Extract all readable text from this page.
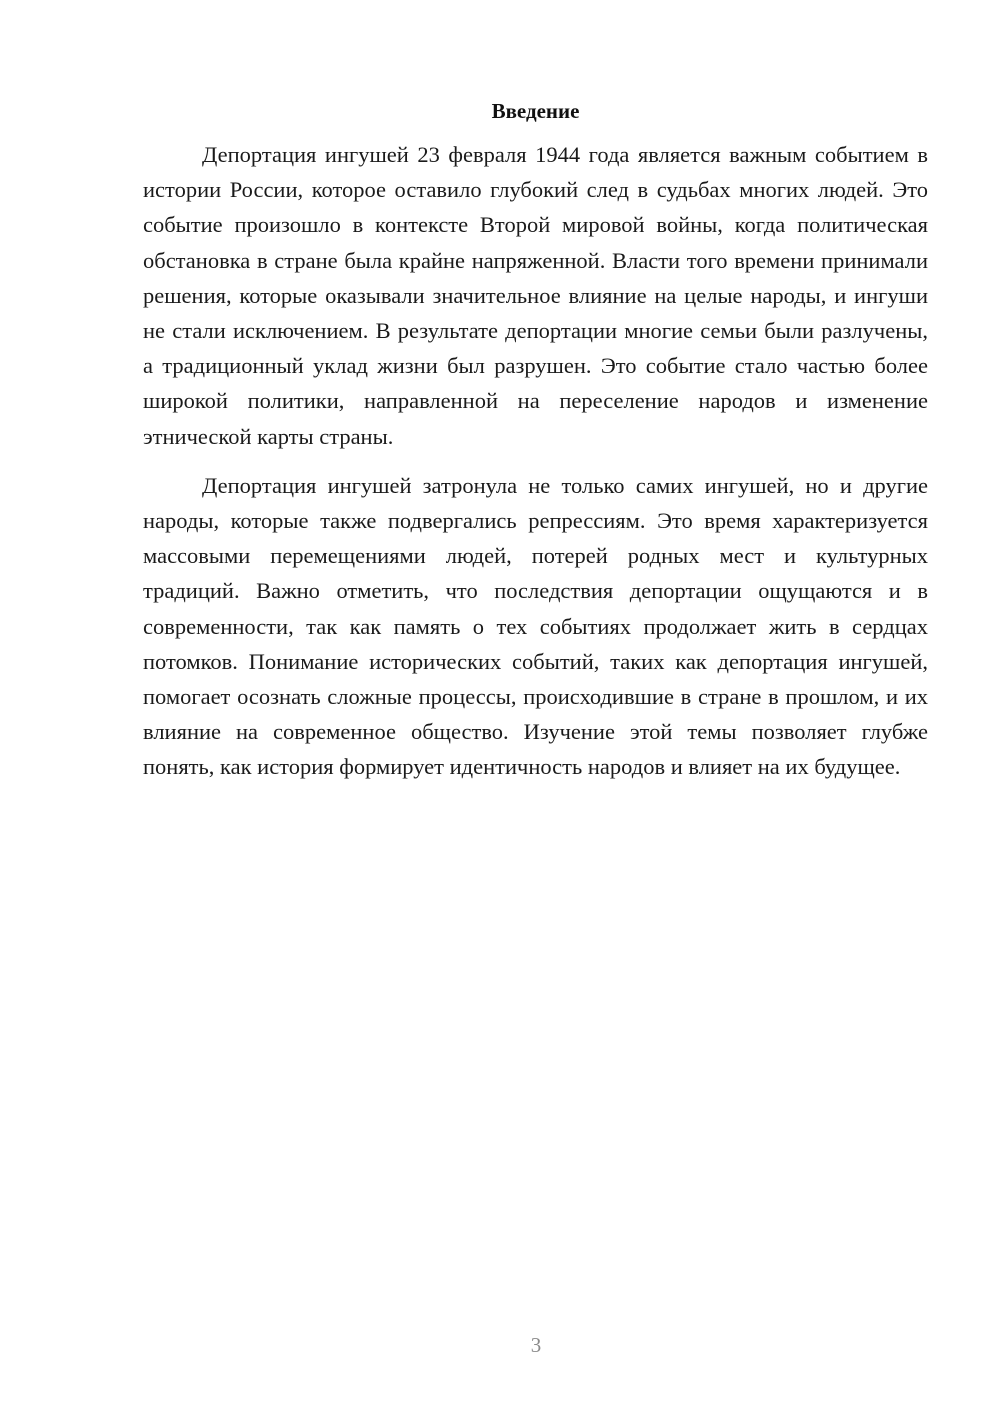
Введение

Депортация ингушей 23 февраля 1944 года является важным событием в истории России, которое оставило глубокий след в судьбах многих людей. Это событие произошло в контексте Второй мировой войны, когда политическая обстановка в стране была крайне напряженной. Власти того времени принимали решения, которые оказывали значительное влияние на целые народы, и ингуши не стали исключением. В результате депортации многие семьи были разлучены, а традиционный уклад жизни был разрушен. Это событие стало частью более широкой политики, направленной на переселение народов и изменение этнической карты страны.

Депортация ингушей затронула не только самих ингушей, но и другие народы, которые также подвергались репрессиям. Это время характеризуется массовыми перемещениями людей, потерей родных мест и культурных традиций. Важно отметить, что последствия депортации ощущаются и в современности, так как память о тех событиях продолжает жить в сердцах потомков. Понимание исторических событий, таких как депортация ингушей, помогает осознать сложные процессы, происходившие в стране в прошлом, и их влияние на современное общество. Изучение этой темы позволяет глубже понять, как история формирует идентичность народов и влияет на их будущее.

3
